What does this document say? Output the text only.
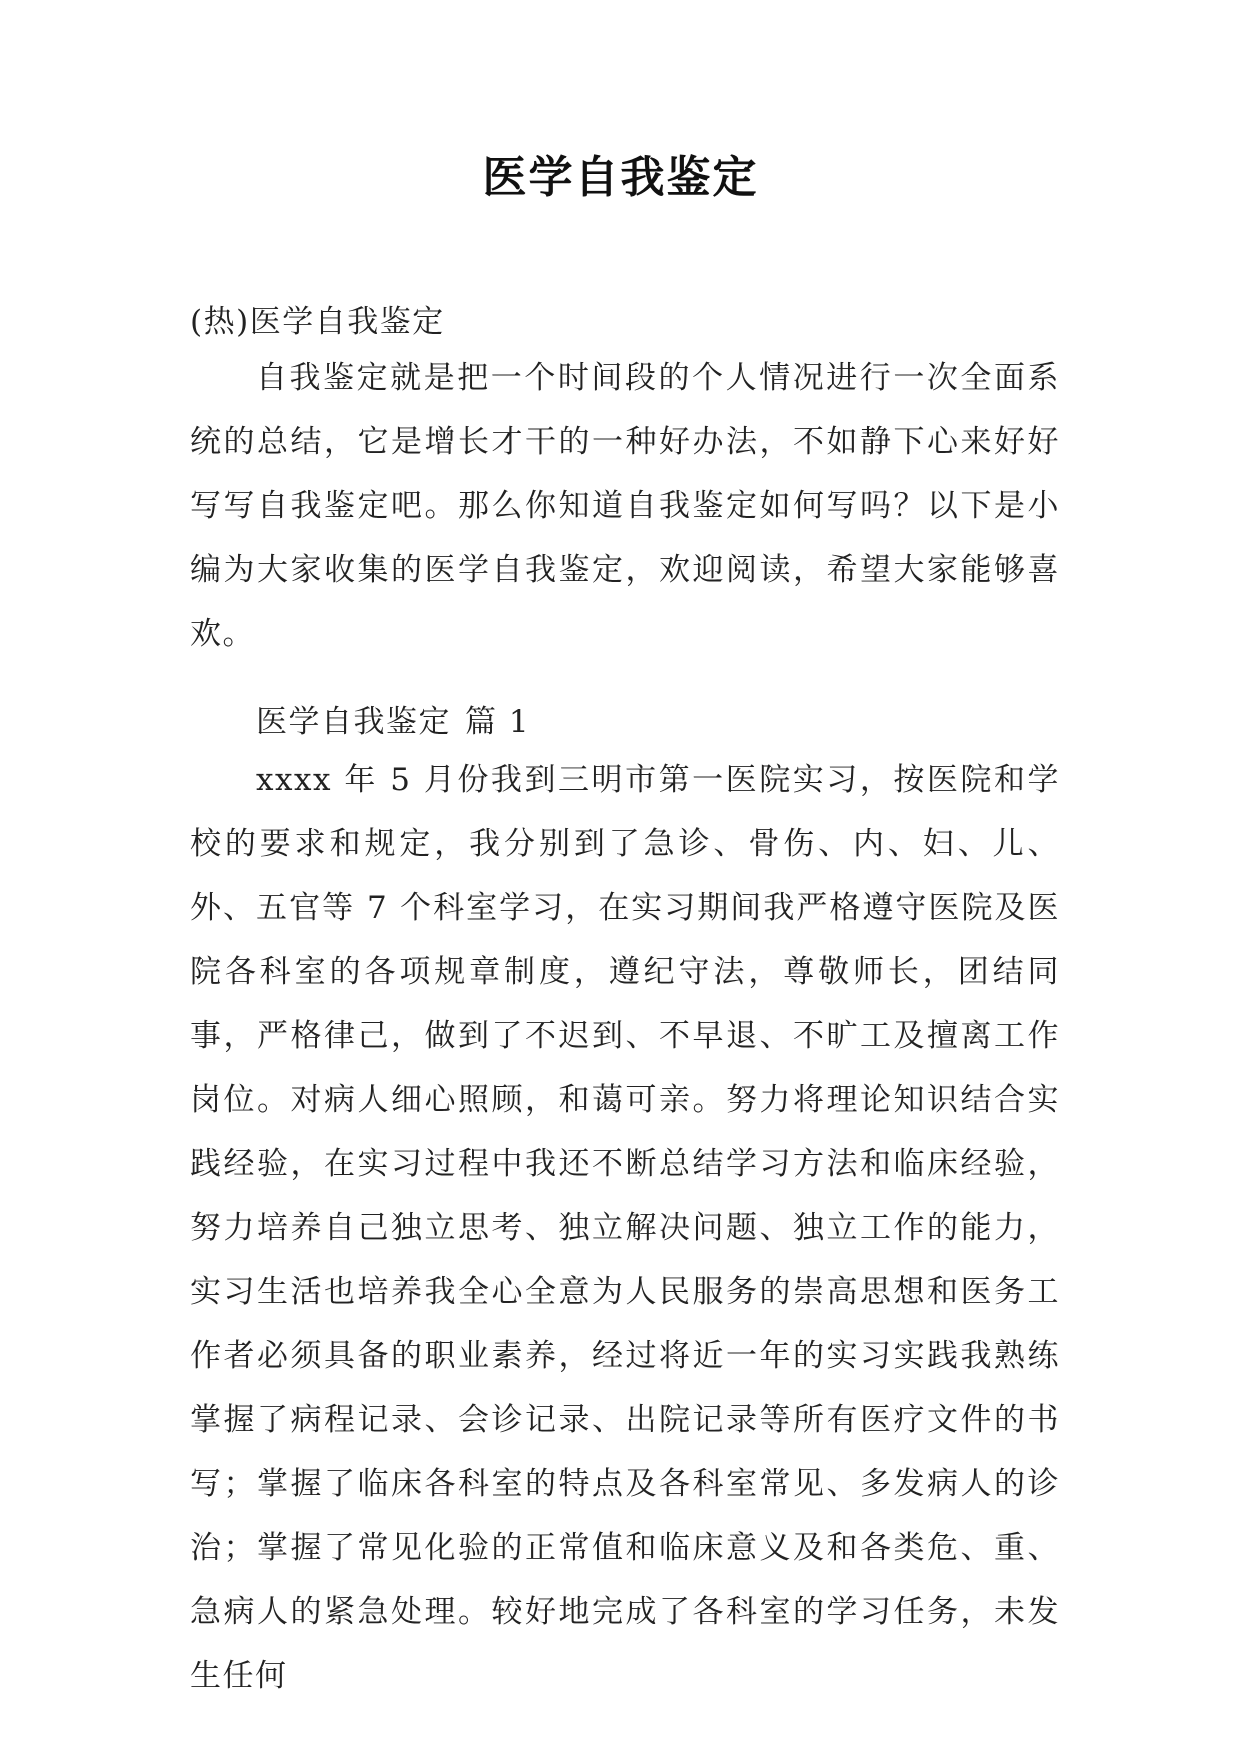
医学自我鉴定
(热)医学自我鉴定
自我鉴定就是把一个时间段的个人情况进行一次全面系统的总结，它是增长才干的一种好办法，不如静下心来好好写写自我鉴定吧。那么你知道自我鉴定如何写吗？以下是小编为大家收集的医学自我鉴定，欢迎阅读，希望大家能够喜欢。
医学自我鉴定 篇 1
xxxx 年 5 月份我到三明市第一医院实习，按医院和学校的要求和规定，我分别到了急诊、骨伤、内、妇、儿、外、五官等 7 个科室学习，在实习期间我严格遵守医院及医院各科室的各项规章制度，遵纪守法，尊敬师长，团结同事，严格律己，做到了不迟到、不早退、不旷工及擅离工作岗位。对病人细心照顾，和蔼可亲。努力将理论知识结合实践经验，在实习过程中我还不断总结学习方法和临床经验，努力培养自己独立思考、独立解决问题、独立工作的能力，实习生活也培养我全心全意为人民服务的崇高思想和医务工作者必须具备的职业素养，经过将近一年的实习实践我熟练掌握了病程记录、会诊记录、出院记录等所有医疗文件的书写；掌握了临床各科室的特点及各科室常见、多发病人的诊治；掌握了常见化验的正常值和临床意义及和各类危、重、急病人的紧急处理。较好地完成了各科室的学习任务，未发生任何
